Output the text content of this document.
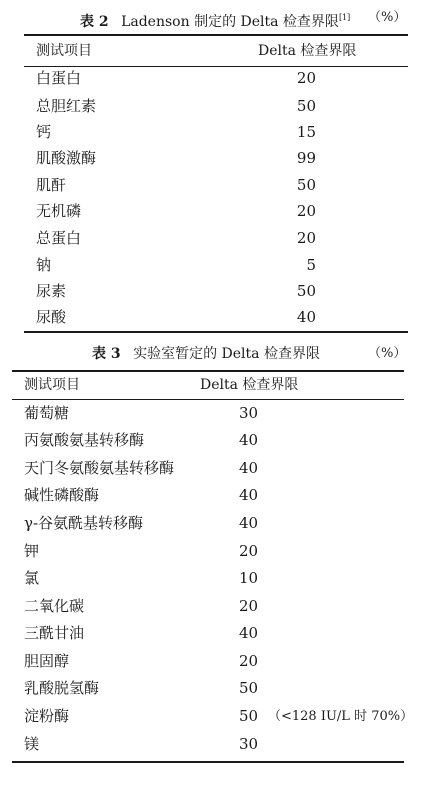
表 2 Ladenson 制定的 Delta 检查界限[1] （%）
测试项目	Delta 检查界限
白蛋白	20
总胆红素	50
钙	15
肌酸激酶	99
肌酐	50
无机磷	20
总蛋白	20
钠	5
尿素	50
尿酸	40
表 3 实验室暂定的 Delta 检查界限	（%）
测试项目	Delta 检查界限
葡萄糖	30
丙氨酸氨基转移酶	40
天门冬氨酸氨基转移酶	40
碱性磷酸酶	40
γ-谷氨酰基转移酶	40
钾	20
氯	10
二氧化碳	20
三酰甘油	40
胆固醇	20
乳酸脱氢酶	50
淀粉酶	50 （<128 IU/L 时 70%）
镁	30
